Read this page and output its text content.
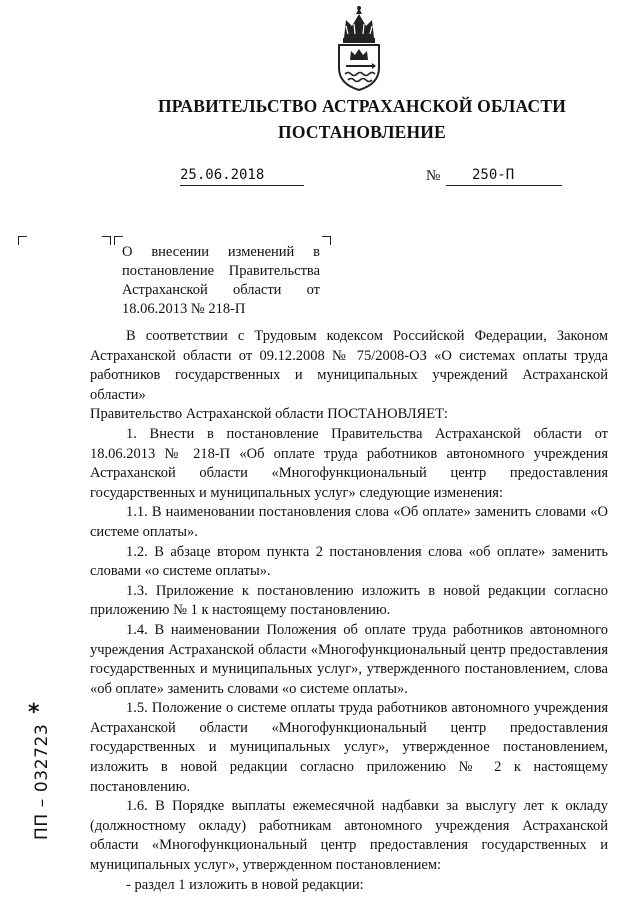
ПРАВИТЕЛЬСТВО АСТРАХАНСКОЙ ОБЛАСТИ
ПОСТАНОВЛЕНИЕ
25.06.2018	№ 250-П
О внесении изменений в постановление Правительства Астраханской области от 18.06.2013 № 218-П

В соответствии с Трудовым кодексом Российской Федерации, Законом Астраханской области от 09.12.2008 № 75/2008-ОЗ «О системах оплаты труда работников государственных и муниципальных учреждений Астраханской области»

Правительство Астраханской области ПОСТАНОВЛЯЕТ:

1. Внести в постановление Правительства Астраханской области от 18.06.2013 № 218-П «Об оплате труда работников автономного учреждения Астраханской области «Многофункциональный центр предоставления государственных и муниципальных услуг» следующие изменения:

1.1. В наименовании постановления слова «Об оплате» заменить словами «О системе оплаты».

1.2. В абзаце втором пункта 2 постановления слова «об оплате» заменить словами «о системе оплаты».

1.3. Приложение к постановлению изложить в новой редакции согласно приложению № 1 к настоящему постановлению.

1.4. В наименовании Положения об оплате труда работников автономного учреждения Астраханской области «Многофункциональный центр предоставления государственных и муниципальных услуг», утвержденного постановлением, слова «об оплате» заменить словами «о системе оплаты».

1.5. Положение о системе оплаты труда работников автономного учреждения Астраханской области «Многофункциональный центр предоставления государственных и муниципальных услуг», утвержденное постановлением, изложить в новой редакции согласно приложению № 2 к настоящему постановлению.

1.6. В Порядке выплаты ежемесячной надбавки за выслугу лет к окладу (должностному окладу) работникам автономного учреждения Астраханской области «Многофункциональный центр предоставления государственных и муниципальных услуг», утвержденном постановлением:

- раздел 1 изложить в новой редакции:

*
ПП – 032723
